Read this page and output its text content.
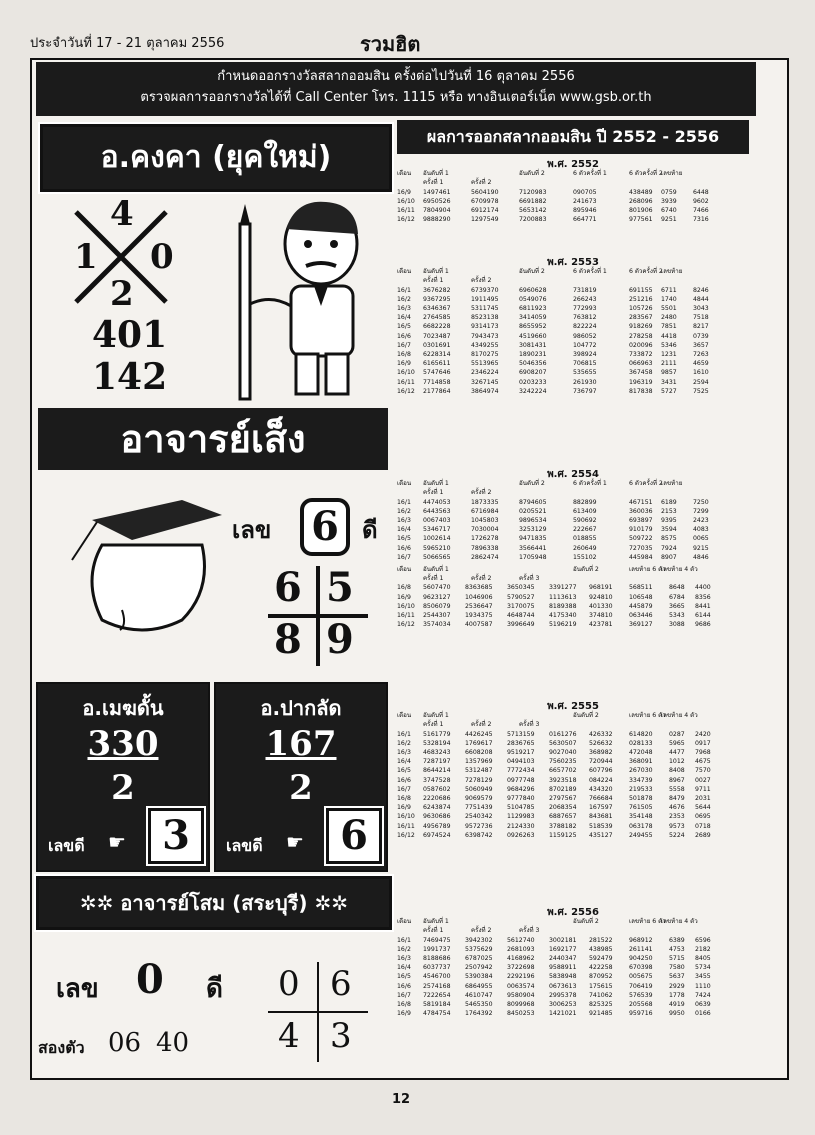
ประจำวันที่ 17 - 21 ตุลาคม 2556	รวมฮิต
กำหนดออกรางวัลสลากออมสิน ครั้งต่อไปวันที่ 16 ตุลาคม 2556
ตรวจผลการออกรางวัลได้ที่ Call Center โทร. 1115 หรือ ทางอินเตอร์เน็ต www.gsb.or.th
อ.คงคา (ยุคใหม่)
4
1 0
2
401
142
อาจารย์เส็ง
เลข 6 ดี
6 5
8 9
อ.เมฆดั้น
330
2
เลขดี ☛ 3
อ.ปากลัด
167
2
เลขดี ☛ 6
✲✲ อาจารย์โสม (สระบุรี) ✲✲
เลข 0 ดี 0 6
4 3
สองตัว 06 40
ผลการออกสลากออมสิน ปี 2552 - 2556
พ.ศ. 2552
เดือน	อันดับที่ 1	อันดับที่ 2	6 ตัวครั้งที่ 1	6 ตัวครั้งที่ 2
เลขท้าย
ครั้งที่ 1	ครั้งที่ 2
16/9	1497461	5604190	7120983	090705	438489	0759	6448
16/10	6950526	6709978	6691882	241673	268096	3939	9602
16/11	7804904	6912174	5653142	895946	801906	6740	7466
16/12	9888290	1297549	7200883	664771	977561	9251	7316
พ.ศ. 2553
เดือน	อันดับที่ 1	อันดับที่ 2	6 ตัวครั้งที่ 1	6 ตัวครั้งที่ 2
เลขท้าย
ครั้งที่ 1	ครั้งที่ 2
16/1	3676282	6739370	6960628	731819	691155	6711	8246
16/2	9367295	1911495	0549076	266243	251216	1740	4844
16/3	6346367	5311745	6811923	772993	105726	5501	3043
16/4	2764585	8523138	3414059	763812	283567	2480	7518
16/5	6682228	9314173	8655952	822224	918269	7851	8217
16/6	7023487	7943473	4519660	986052	278258	4418	0739
16/7	0301691	4349255	3081431	104772	020096	5346	3657
16/8	6228314	8170275	1890231	398924	733872	1231	7263
16/9	6165611	5513965	5046356	706815	066963	2111	4659
16/10	5747646	2346224	6908207	535655	367458	9857	1610
16/11	7714858	3267145	0203233	261930	196319	3431	2594
16/12	2177864	3864974	3242224	736797	817838	5727	7525
พ.ศ. 2554
เดือน	อันดับที่ 1	อันดับที่ 2	6 ตัวครั้งที่ 1	6 ตัวครั้งที่ 2
เลขท้าย
ครั้งที่ 1	ครั้งที่ 2
16/1	4474053	1873335	8794605	882899	467151	6189	7250
16/2	6443563	6716984	0205521	613409	360036	2153	7299
16/3	0067403	1045803	9896534	590692	693897	9395	2423
16/4	5346717	7030004	3253129	222667	910179	3594	4083
16/5	1002614	1726278	9471835	018855	509722	8575	0065
16/6	5965210	7896338	3566441	260649	727035	7924	9215
16/7	5066565	2862474	1705948	155102	445984	8907	4846
เดือน	อันดับที่ 1	อันดับที่ 2	เลขท้าย 6 ตัว
เลขท้าย 4 ตัว
ครั้งที่ 1	ครั้งที่ 2	ครั้งที่ 3
16/8	5607470	8363685	3650345	3391277	968191	568511	8648	4400
16/9	9623127	1046906	5790527	1113613	924810	106548	6784	8356
16/10	8506079	2536647	3170075	8189388	401330	445879	3665	8441
16/11	2544307	1934375	4648744	4175340	374810	063446	5343	6144
16/12	3574034	4007587	3996649	5196219	423781	369127	3088	9686
พ.ศ. 2555
เดือน	อันดับที่ 1	อันดับที่ 2	เลขท้าย 6 ตัว
เลขท้าย 4 ตัว
ครั้งที่ 1	ครั้งที่ 2	ครั้งที่ 3
16/1	5161779	4426245	5713159	0161276	426332	614820	0287	2420
16/2	5328194	1769617	2836765	5630507	526632	028133	5965	0917
16/3	4683243	6608208	9519217	9027040	368982	472048	4477	7968
16/4	7287197	1357969	0494103	7560235	720944	368091	1012	4675
16/5	8644214	5312487	7772434	6657702	607796	267030	8408	7570
16/6	3747528	7278129	0977748	3923518	084224	334739	8967	0027
16/7	0587602	5060949	9684296	8702189	434320	219533	5558	9711
16/8	2220686	9069579	9777840	2797567	766684	501878	8479	2031
16/9	6243874	7751439	5104785	2068354	167597	761505	4676	5644
16/10	9630686	2540342	1129983	6887657	843681	354148	2353	0695
16/11	4956789	9572736	2124330	3788182	518539	063178	9573	0718
16/12	6974524	6398742	0926263	1159125	435127	249455	5224	2689
พ.ศ. 2556
เดือน	อันดับที่ 1	อันดับที่ 2	เลขท้าย 6 ตัว
เลขท้าย 4 ตัว
ครั้งที่ 1	ครั้งที่ 2	ครั้งที่ 3
16/1	7469475	3942302	5612740	3002181	281522	968912	6389	6596
16/2	1991737	5375629	2681093	1692177	438985	261141	4753	2182
16/3	8188686	6787025	4168962	2440347	592479	904250	5715	8405
16/4	6037737	2507942	3722698	9588911	422258	670398	7580	5734
16/5	4546700	5390384	2292196	5838948	870952	005675	5637	3455
16/6	2574168	6864955	0063574	0673613	175615	706419	2929	1110
16/7	7222654	4610747	9580904	2995378	741062	576539	1778	7424
16/8	5819184	5465350	8099968	3006253	825325	205568	4919	0639
16/9	4784754	1764392	8450253	1421021	921485	959716	9950	0166
12
